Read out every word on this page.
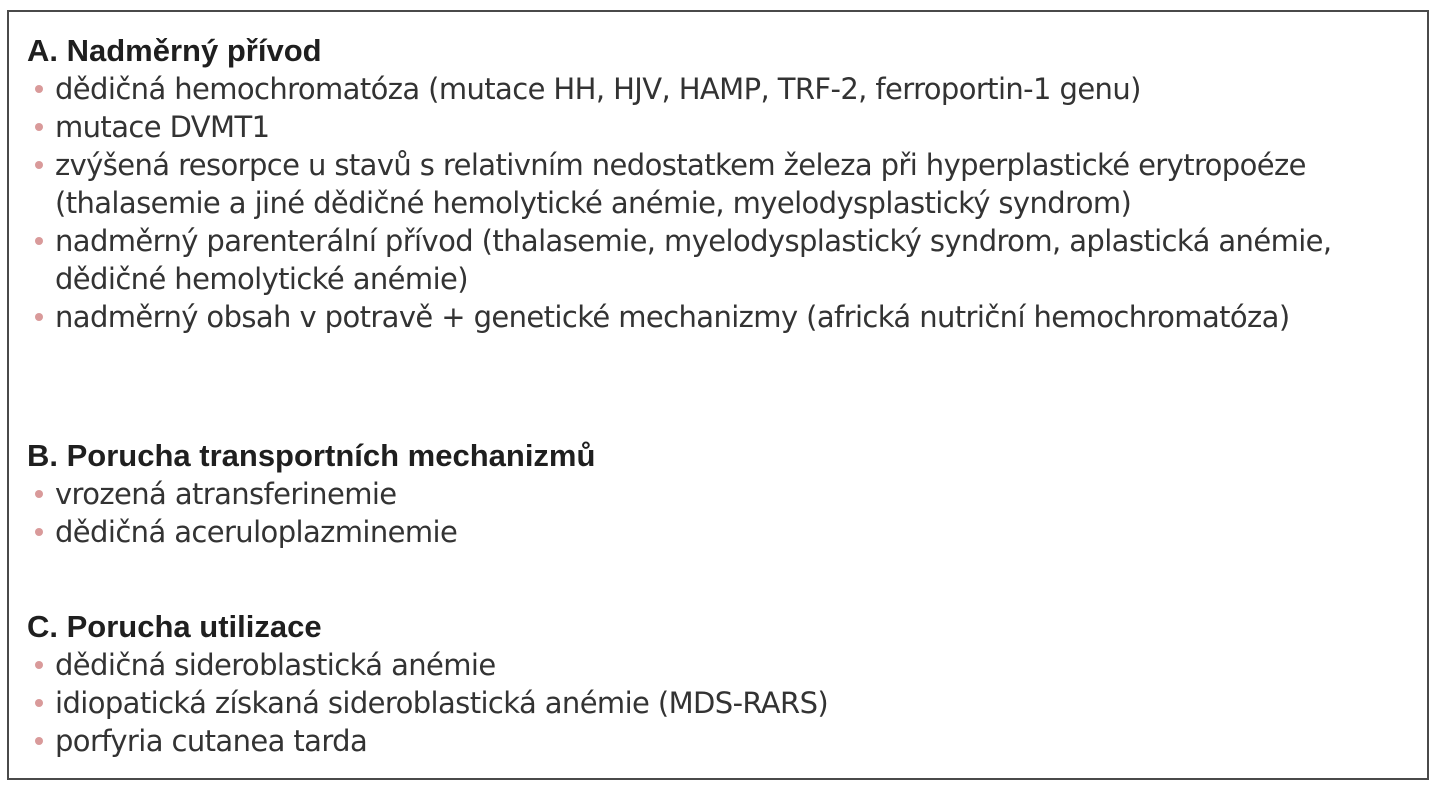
A. Nadměrný přívod
dědičná hemochromatóza (mutace HH, HJV, HAMP, TRF-2, ferroportin-1 genu)
mutace DVMT1
zvýšená resorpce u stavů s relativním nedostatkem železa při hyperplastické erytropoéze (thalasemie a jiné dědičné hemolytické anémie, myelodysplastický syndrom)
nadměrný parenterální přívod (thalasemie, myelodysplastický syndrom, aplastická anémie, dědičné hemolytické anémie)
nadměrný obsah v potravě + genetické mechanizmy (africká nutriční hemochromatóza)
B. Porucha transportních mechanizmů
vrozená atransferinemie
dědičná aceruloplazminemie
C. Porucha utilizace
dědičná sideroblastická anémie
idiopatická získaná sideroblastická anémie (MDS-RARS)
porfyria cutanea tarda
